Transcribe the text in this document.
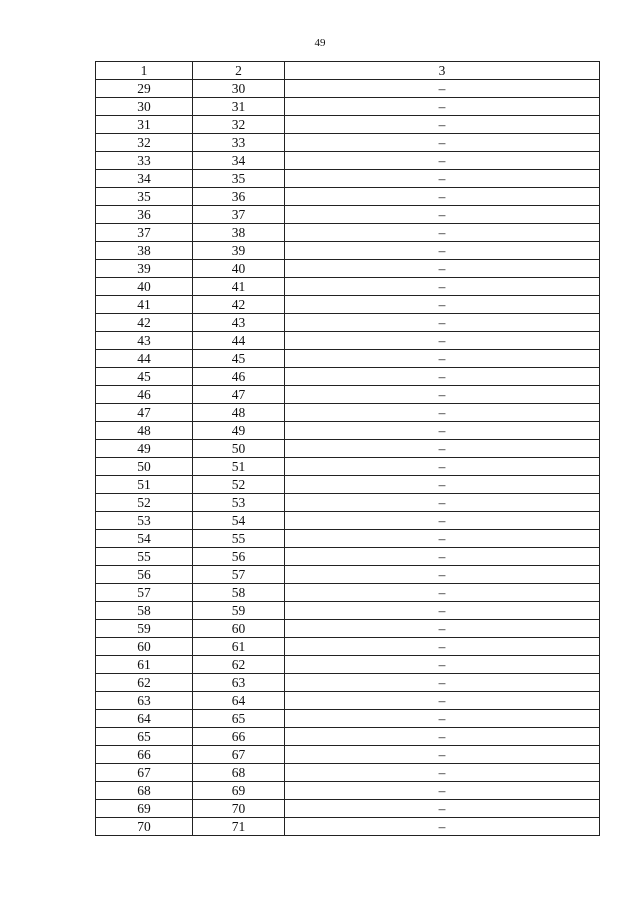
49
1	2	3
29	30	–
30	31	–
31	32	–
32	33	–
33	34	–
34	35	–
35	36	–
36	37	–
37	38	–
38	39	–
39	40	–
40	41	–
41	42	–
42	43	–
43	44	–
44	45	–
45	46	–
46	47	–
47	48	–
48	49	–
49	50	–
50	51	–
51	52	–
52	53	–
53	54	–
54	55	–
55	56	–
56	57	–
57	58	–
58	59	–
59	60	–
60	61	–
61	62	–
62	63	–
63	64	–
64	65	–
65	66	–
66	67	–
67	68	–
68	69	–
69	70	–
70	71	–
